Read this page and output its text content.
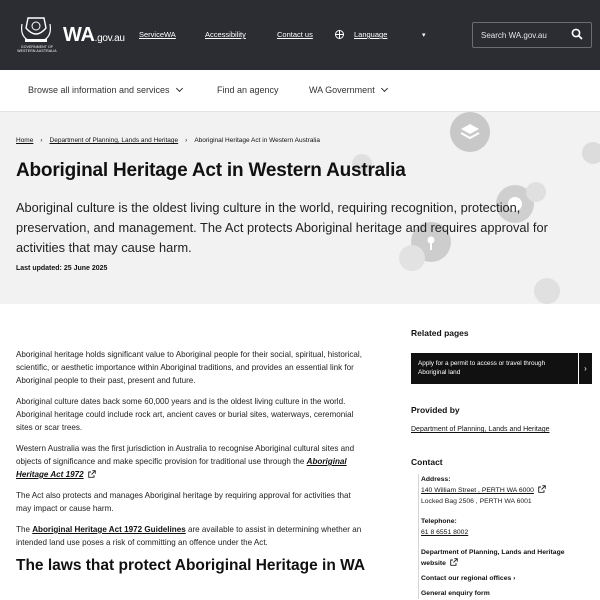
GOVERNMENT OF WESTERN AUSTRALIA
WA.gov.au ServiceWA	Accessibility	Contact us	Language	▾	Search WA.gov.au
Browse all information and services	Find an agency	WA Government
Home › Department of Planning, Lands and Heritage › Aboriginal Heritage Act in Western Australia
Aboriginal Heritage Act in Western Australia

Aboriginal culture is the oldest living culture in the world, requiring recognition, protection, preservation, and management. The Act protects Aboriginal heritage and requires approval for activities that may cause harm.

Last updated: 25 June 2025

Aboriginal heritage holds significant value to Aboriginal people for their social, spiritual, historical, scientific, or aesthetic importance within Aboriginal traditions, and provides an essential link for Aboriginal people to their past, present and future.

Aboriginal culture dates back some 60,000 years and is the oldest living culture in the world. Aboriginal heritage could include rock art, ancient caves or burial sites, waterways, ceremonial sites or scar trees.

Western Australia was the first jurisdiction in Australia to recognise Aboriginal cultural sites and objects of significance and make specific provision for traditional use through the Aboriginal Heritage Act 1972

The Act also protects and manages Aboriginal heritage by requiring approval for activities that may impact or cause harm.

The Aboriginal Heritage Act 1972 Guidelines are available to assist in determining whether an intended land use poses a risk of committing an offence under the Act.

The laws that protect Aboriginal Heritage in WA
Related pages
Apply for a permit to access or travel through Aboriginal land	›
Provided by
Department of Planning, Lands and Heritage
Contact
Address:
140 William Street , PERTH WA 6000
Locked Bag 2506 , PERTH WA 6001
Telephone:
61 8 6551 8002
Department of Planning, Lands and Heritage
website
Contact our regional offices ›
General enquiry form
